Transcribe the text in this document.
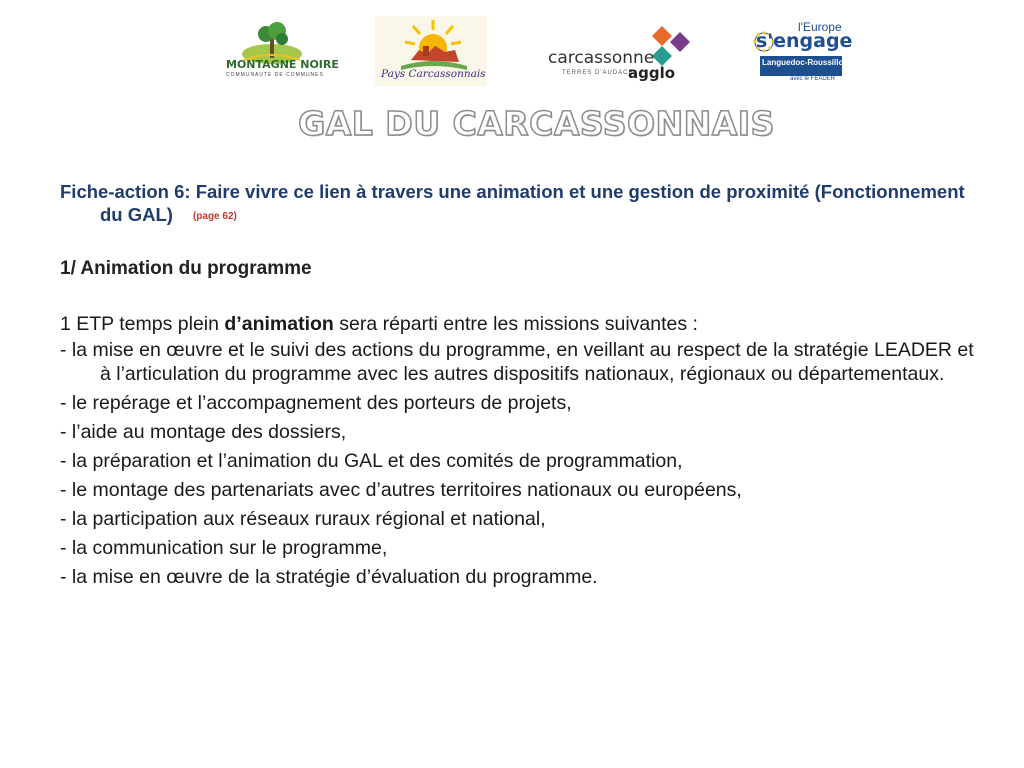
MONTAGNE NOIRE
COMMUNAUTE DE COMMUNES	Pays Carcassonnais
carcassonne
TERRES D'AUDACE
agglo
l'Europe
s'engage
Languedoc-Roussillon
avec le FEADER
GAL DU CARCASSONNAIS

Fiche-action 6: Faire vivre ce lien à travers une animation et une gestion de proximité (Fonctionnement du GAL) (page 62)

1/ Animation du programme
1 ETP temps plein d’animation sera réparti entre les missions suivantes :
- la mise en œuvre et le suivi des actions du programme, en veillant au respect de la stratégie LEADER et à l’articulation du programme avec les autres dispositifs nationaux, régionaux ou départementaux.
- le repérage et l’accompagnement des porteurs de projets,
- l’aide au montage des dossiers,
- la préparation et l’animation du GAL et des comités de programmation,
- le montage des partenariats avec d’autres territoires nationaux ou européens,
- la participation aux réseaux ruraux régional et national,
- la communication sur le programme,
- la mise en œuvre de la stratégie d’évaluation du programme.
